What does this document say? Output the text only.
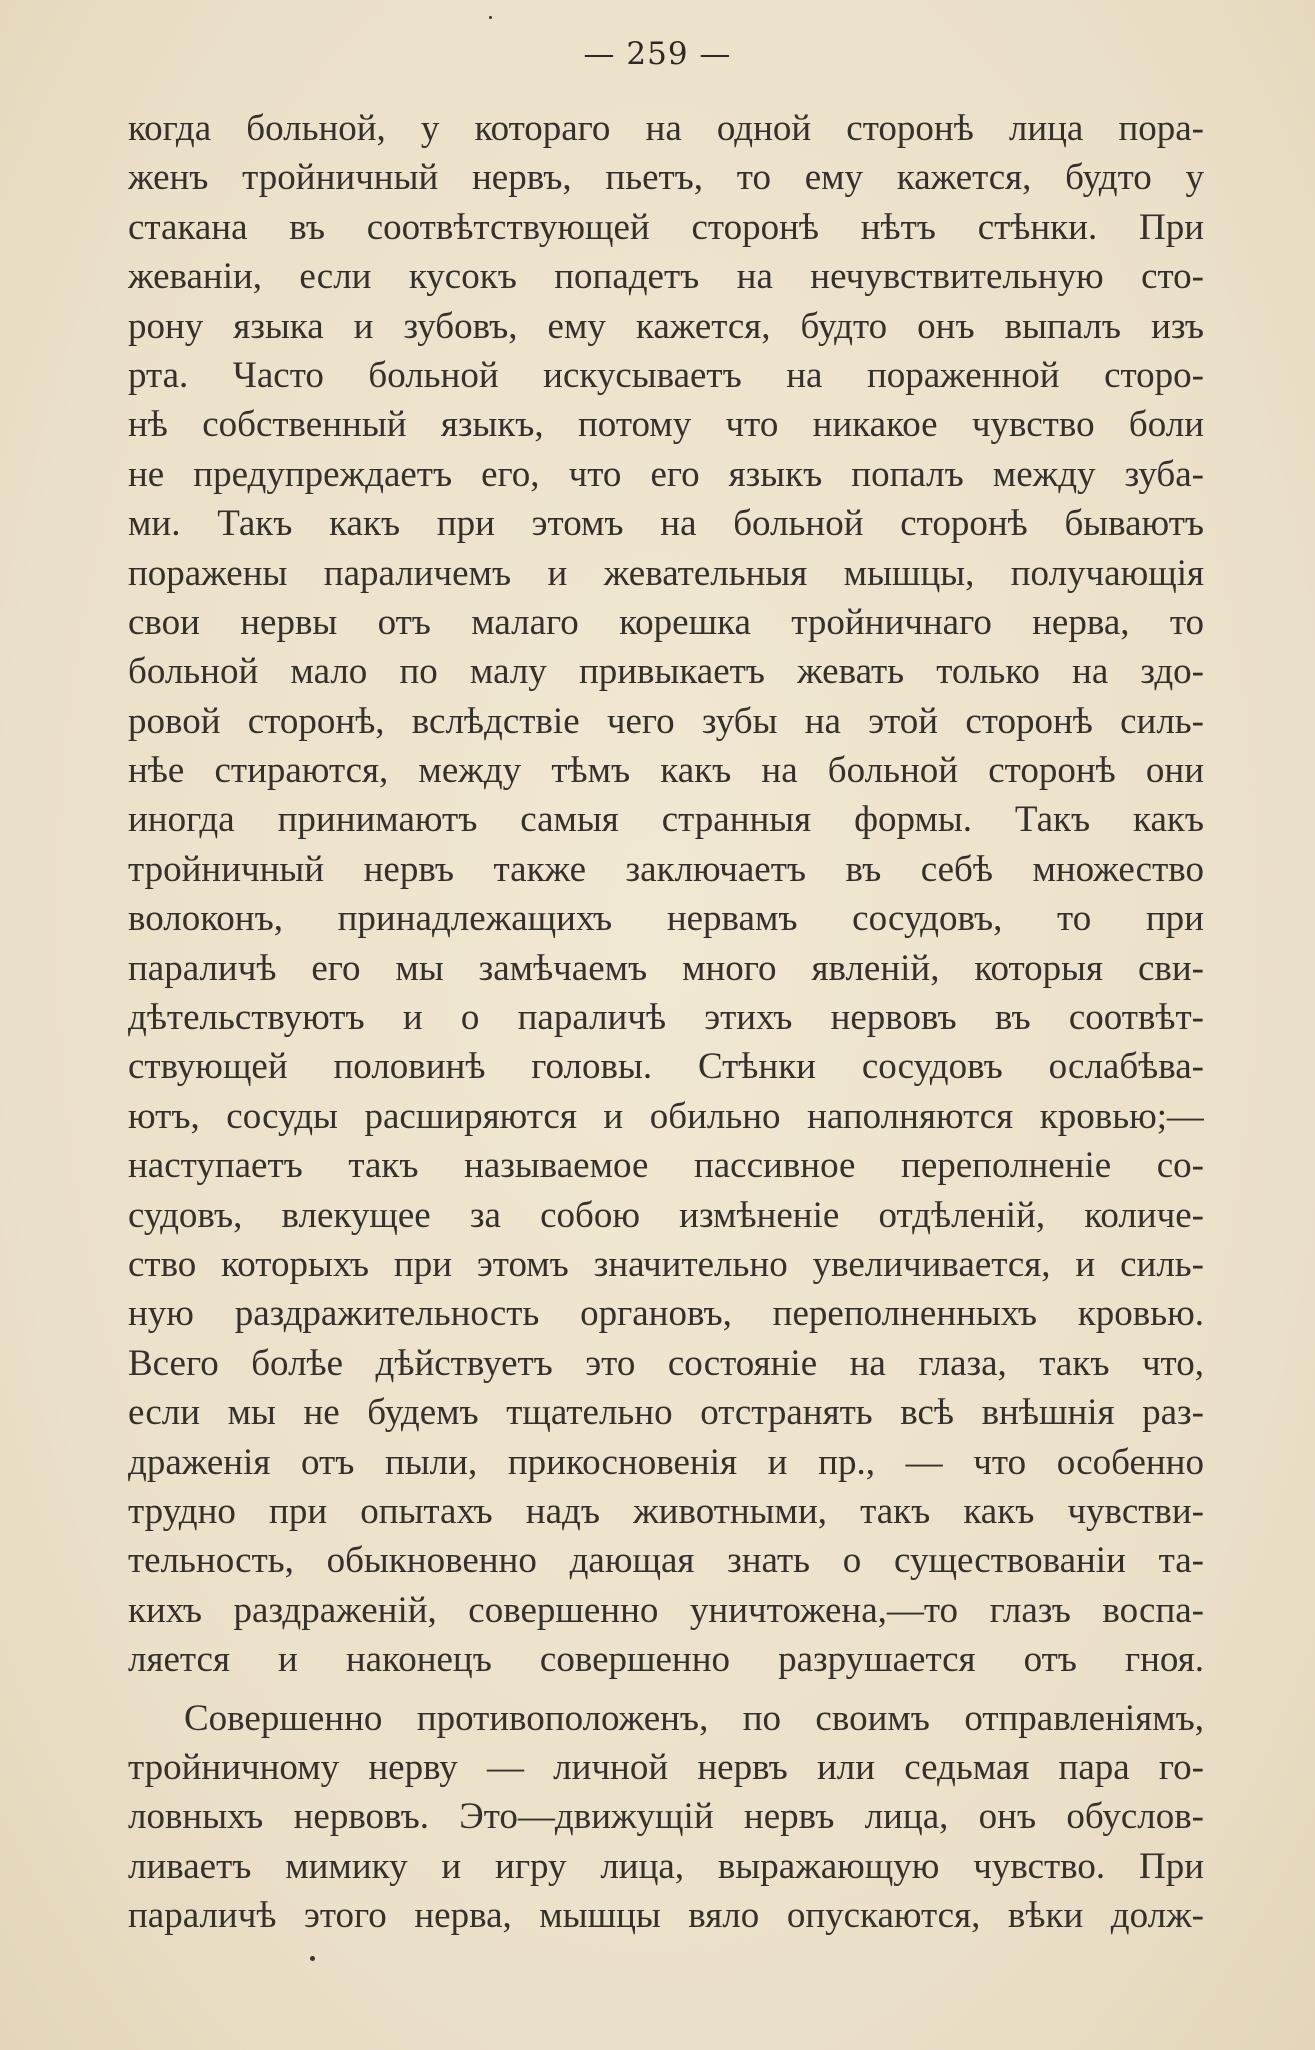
— 259 —
когда больной, у котораго на одной сторонѣ лица пора-
женъ тройничный нервъ, пьетъ, то ему кажется, будто у
стакана въ соотвѣтствующей сторонѣ нѣтъ стѣнки. При
жеванiи, если кусокъ попадетъ на нечувствительную сто-
рону языка и зубовъ, ему кажется, будто онъ выпалъ изъ
рта. Часто больной искусываетъ на пораженной сторо-
нѣ собственный языкъ, потому что никакое чувство боли
не предупреждаетъ его, что его языкъ попалъ между зуба-
ми. Такъ какъ при этомъ на больной сторонѣ бываютъ
поражены параличемъ и жевательныя мышцы, получающiя
свои нервы отъ малаго корешка тройничнаго нерва, то
больной мало по малу привыкаетъ жевать только на здо-
ровой сторонѣ, вслѣдствiе чего зубы на этой сторонѣ силь-
нѣе стираются, между тѣмъ какъ на больной сторонѣ они
иногда принимаютъ самыя странныя формы. Такъ какъ
тройничный нервъ также заключаетъ въ себѣ множество
волоконъ, принадлежащихъ нервамъ сосудовъ, то при
параличѣ его мы замѣчаемъ много явленiй, которыя сви-
дѣтельствуютъ и о параличѣ этихъ нервовъ въ соотвѣт-
ствующей половинѣ головы. Стѣнки сосудовъ ослабѣва-
ютъ, сосуды расширяются и обильно наполняются кровью;—
наступаетъ такъ называемое пассивное переполненiе со-
судовъ, влекущее за собою измѣненiе отдѣленiй, количе-
ство которыхъ при этомъ значительно увеличивается, и силь-
ную раздражительность органовъ, переполненныхъ кровью.
Всего болѣе дѣйствуетъ это состоянiе на глаза, такъ что,
если мы не будемъ тщательно отстранять всѣ внѣшнiя раз-
драженiя отъ пыли, прикосновенiя и пр., — что особенно
трудно при опытахъ надъ животными, такъ какъ чувстви-
тельность, обыкновенно дающая знать о существованiи та-
кихъ раздраженiй, совершенно уничтожена,—то глазъ воспа-
ляется и наконецъ совершенно разрушается отъ гноя.
Совершенно противоположенъ, по своимъ отправленiямъ,
тройничному нерву — личной нервъ или седьмая пара го-
ловныхъ нервовъ. Это—движущiй нервъ лица, онъ обуслов-
ливаетъ мимику и игру лица, выражающую чувство. При
параличѣ этого нерва, мышцы вяло опускаются, вѣки долж-
